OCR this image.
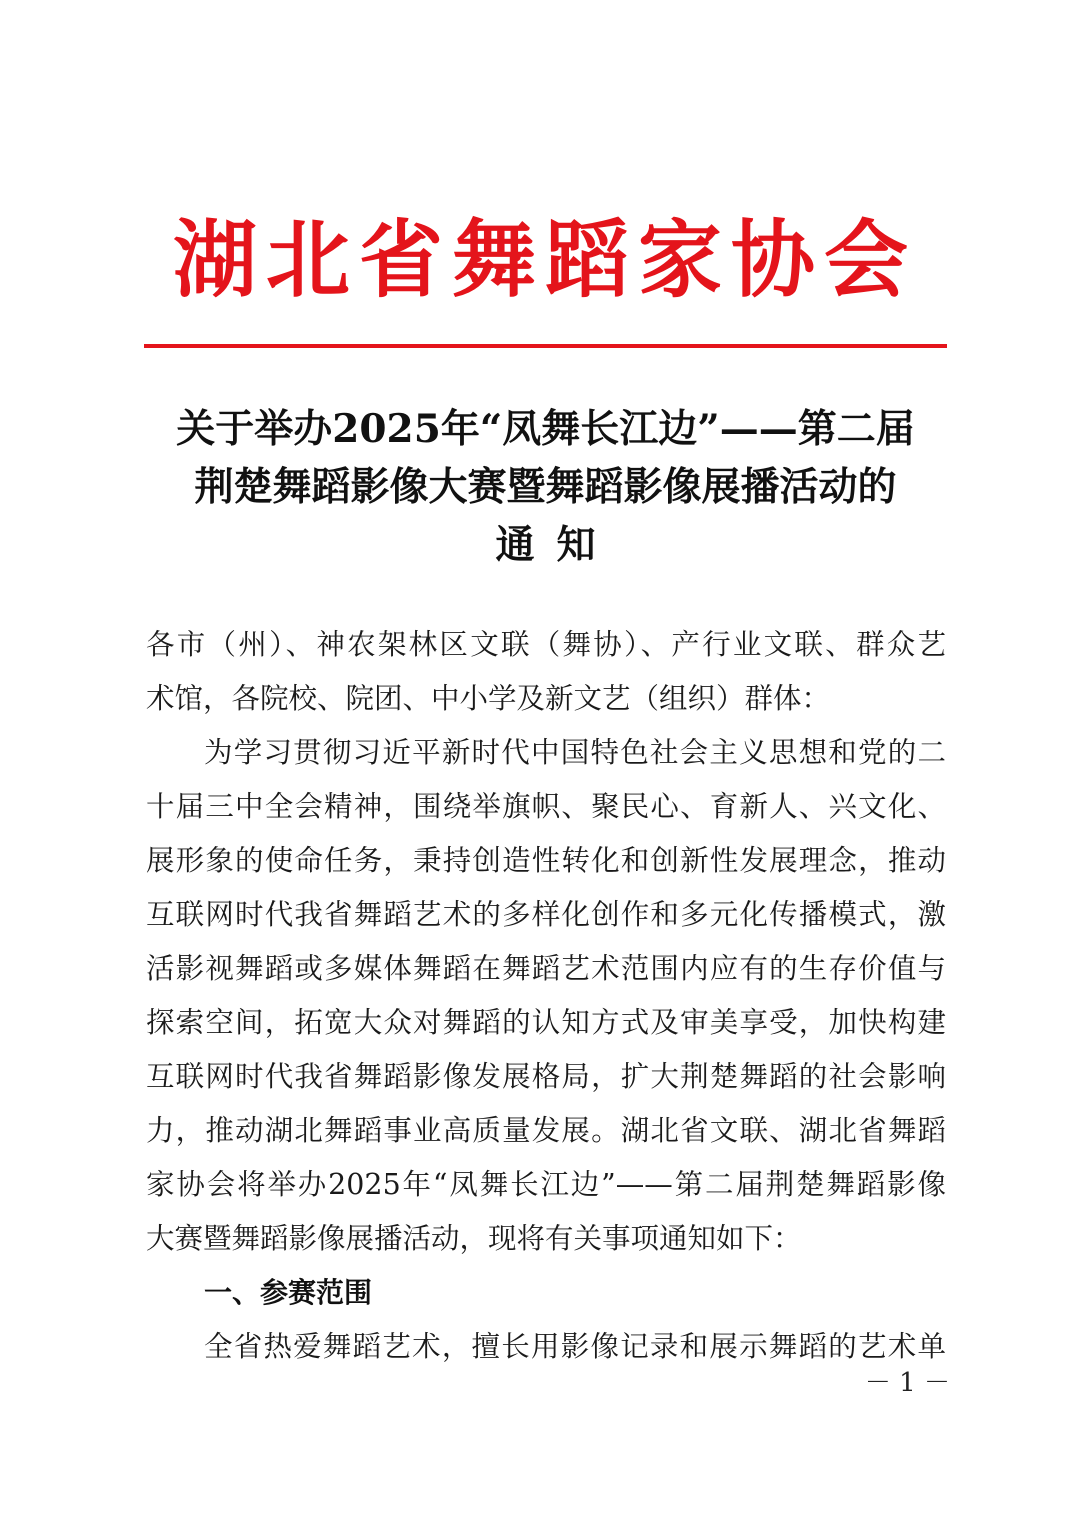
湖北省舞蹈家协会
关于举办2025年“凤舞长江边”——第二届
荆楚舞蹈影像大赛暨舞蹈影像展播活动的
通知
各市（州）、神农架林区文联（舞协）、产行业文联、群众艺
术馆，各院校、院团、中小学及新文艺（组织）群体：
为学习贯彻习近平新时代中国特色社会主义思想和党的二
十届三中全会精神，围绕举旗帜、聚民心、育新人、兴文化、
展形象的使命任务，秉持创造性转化和创新性发展理念，推动
互联网时代我省舞蹈艺术的多样化创作和多元化传播模式，激
活影视舞蹈或多媒体舞蹈在舞蹈艺术范围内应有的生存价值与
探索空间，拓宽大众对舞蹈的认知方式及审美享受，加快构建
互联网时代我省舞蹈影像发展格局，扩大荆楚舞蹈的社会影响
力，推动湖北舞蹈事业高质量发展。湖北省文联、湖北省舞蹈
家协会将举办2025年“凤舞长江边”——第二届荆楚舞蹈影像
大赛暨舞蹈影像展播活动，现将有关事项通知如下：
一、参赛范围
全省热爱舞蹈艺术，擅长用影像记录和展示舞蹈的艺术单
－ 1 －
